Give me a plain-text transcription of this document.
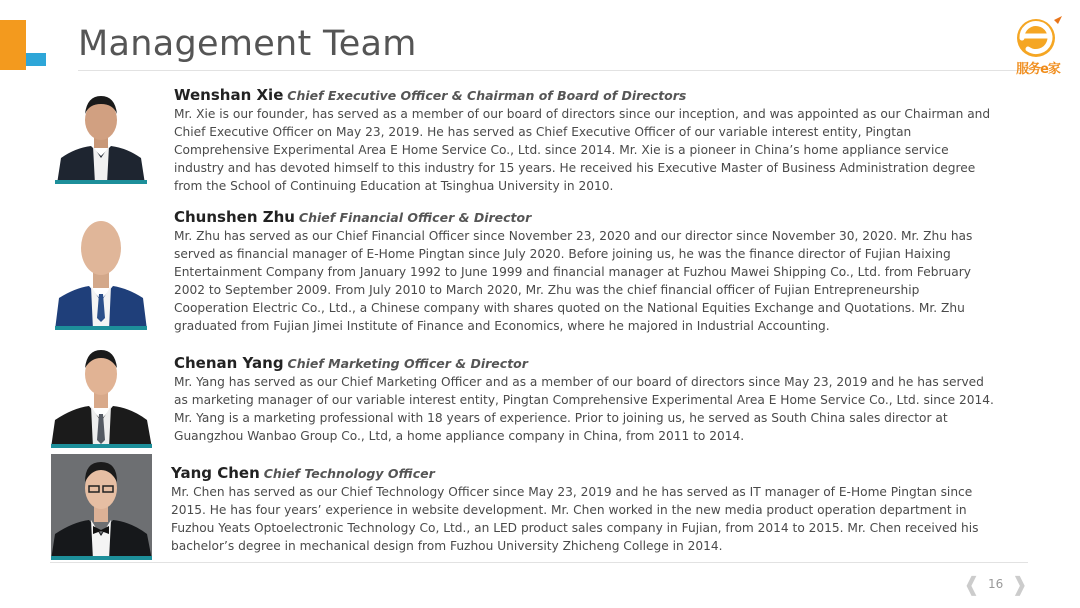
Management Team
服务e家
Wenshan Xie Chief Executive Officer & Chairman of Board of Directors
Mr. Xie is our founder, has served as a member of our board of directors since our inception, and was appointed as our Chairman and Chief Executive Officer on May 23, 2019. He has served as Chief Executive Officer of our variable interest entity, Pingtan Comprehensive Experimental Area E Home Service Co., Ltd. since 2014. Mr. Xie is a pioneer in China’s home appliance service industry and has devoted himself to this industry for 15 years. He received his Executive Master of Business Administration degree from the School of Continuing Education at Tsinghua University in 2010.
Chunshen Zhu Chief Financial Officer & Director
Mr. Zhu has served as our Chief Financial Officer since November 23, 2020 and our director since November 30, 2020. Mr. Zhu has served as financial manager of E-Home Pingtan since July 2020. Before joining us, he was the finance director of Fujian Haixing Entertainment Company from January 1992 to June 1999 and financial manager at Fuzhou Mawei Shipping Co., Ltd. from February 2002 to September 2009. From July 2010 to March 2020, Mr. Zhu was the chief financial officer of Fujian Entrepreneurship Cooperation Electric Co., Ltd., a Chinese company with shares quoted on the National Equities Exchange and Quotations. Mr. Zhu graduated from Fujian Jimei Institute of Finance and Economics, where he majored in Industrial Accounting.
Chenan Yang Chief Marketing Officer & Director
Mr. Yang has served as our Chief Marketing Officer and as a member of our board of directors since May 23, 2019 and he has served as marketing manager of our variable interest entity, Pingtan Comprehensive Experimental Area E Home Service Co., Ltd. since 2014. Mr. Yang is a marketing professional with 18 years of experience. Prior to joining us, he served as South China sales director at Guangzhou Wanbao Group Co., Ltd, a home appliance company in China, from 2011 to 2014.
Yang Chen Chief Technology Officer
Mr. Chen has served as our Chief Technology Officer since May 23, 2019 and he has served as IT manager of E-Home Pingtan since 2015. He has four years’ experience in website development. Mr. Chen worked in the new media product operation department in Fuzhou Yeats Optoelectronic Technology Co, Ltd., an LED product sales company in Fujian, from 2014 to 2015. Mr. Chen received his bachelor’s degree in mechanical design from Fuzhou University Zhicheng College in 2014.
❰ 16 ❱
